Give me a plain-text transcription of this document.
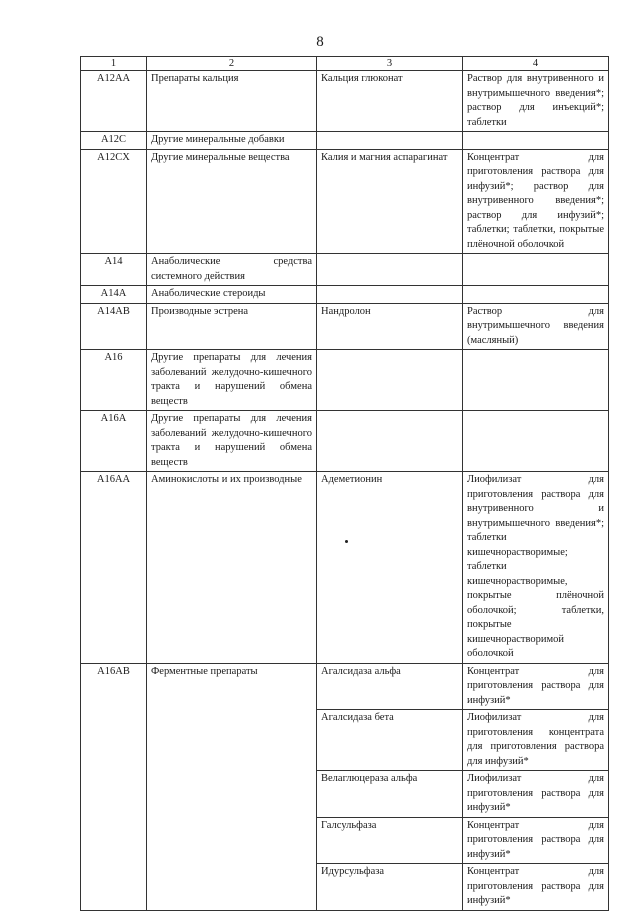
8
1	2	3	4
A12AA	Препараты кальция	Кальция глюконат	Раствор для внутривенного и внутримышечного введения*; раствор для инъекций*; таблетки
A12C	Другие минеральные добавки		
A12CX	Другие минеральные вещества	Калия и магния аспарагинат	Концентрат для приготовления раствора для инфузий*; раствор для внутривенного введения*; раствор для инфузий*; таблетки; таблетки, покрытые плёночной оболочкой
A14	Анаболические средства системного действия		
A14A	Анаболические стероиды		
A14AB	Производные эстрена	Нандролон	Раствор для внутримышечного введения (масляный)
A16	Другие препараты для лечения заболеваний желудочно-кишечного тракта и нарушений обмена веществ		
A16A	Другие препараты для лечения заболеваний желудочно-кишечного тракта и нарушений обмена веществ		
A16AA	Аминокислоты и их производные	Адеметионин	Лиофилизат для приготовления раствора для внутривенного и внутримышечного введения*; таблетки кишечнорастворимые; таблетки кишечнорастворимые, покрытые плёночной оболочкой; таблетки, покрытые кишечнорастворимой оболочкой
A16AB	Ферментные препараты	Агалсидаза альфа	Концентрат для приготовления раствора для инфузий*
		Агалсидаза бета	Лиофилизат для приготовления концентрата для приготовления раствора для инфузий*
		Велаглюцераза альфа	Лиофилизат для приготовления раствора для инфузий*
		Галсульфаза	Концентрат для приготовления раствора для инфузий*
		Идурсульфаза	Концентрат для приготовления раствора для инфузий*
